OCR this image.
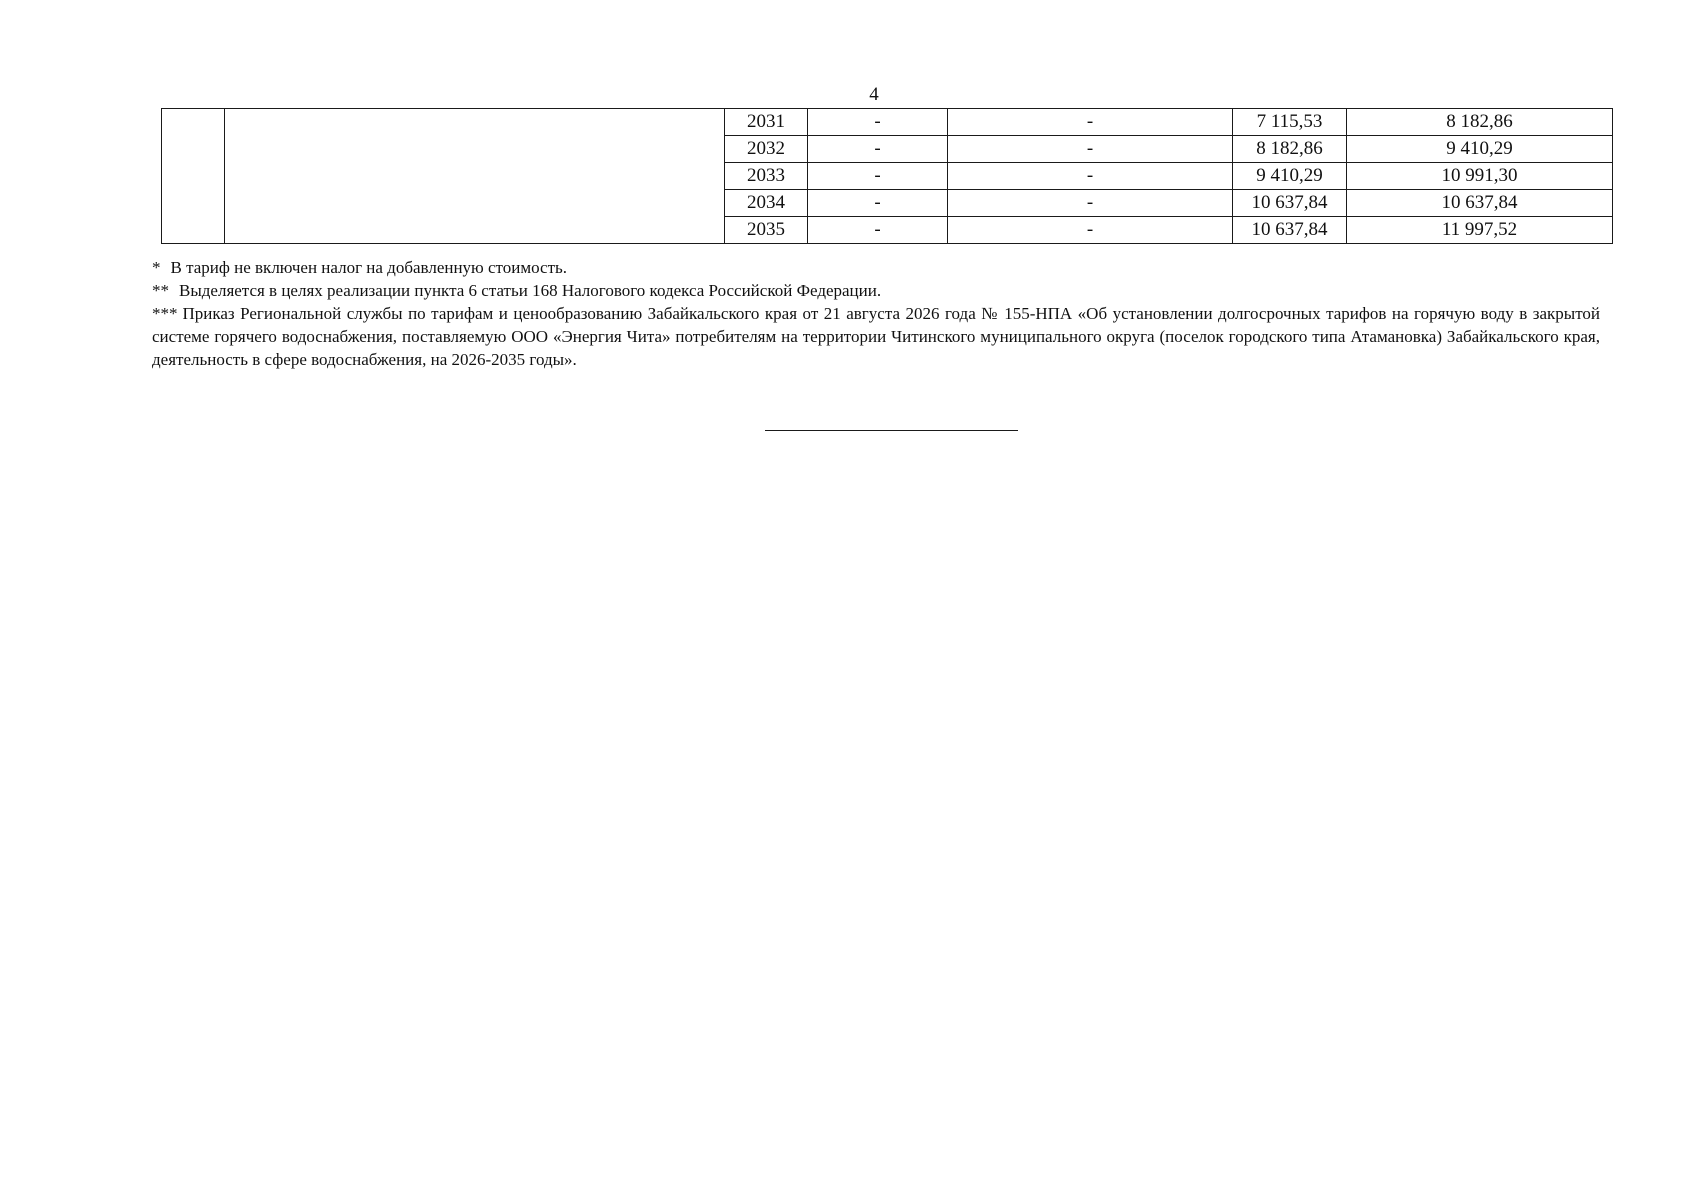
4
		2031	-	-	7 115,53	8 182,86
		2032	-	-	8 182,86	9 410,29
		2033	-	-	9 410,29	10 991,30
		2034	-	-	10 637,84	10 637,84
		2035	-	-	10 637,84	11 997,52

* В тариф не включен налог на добавленную стоимость.

** Выделяется в целях реализации пункта 6 статьи 168 Налогового кодекса Российской Федерации.

*** Приказ Региональной службы по тарифам и ценообразованию Забайкальского края от 21 августа 2026 года № 155-НПА «Об установлении долгосрочных тарифов на горячую воду в закрытой системе горячего водоснабжения, поставляемую ООО «Энергия Чита» потребителям на территории Читинского муниципального округа (поселок городского типа Атамановка) Забайкальского края, деятельность в сфере водоснабжения, на 2026-2035 годы».
